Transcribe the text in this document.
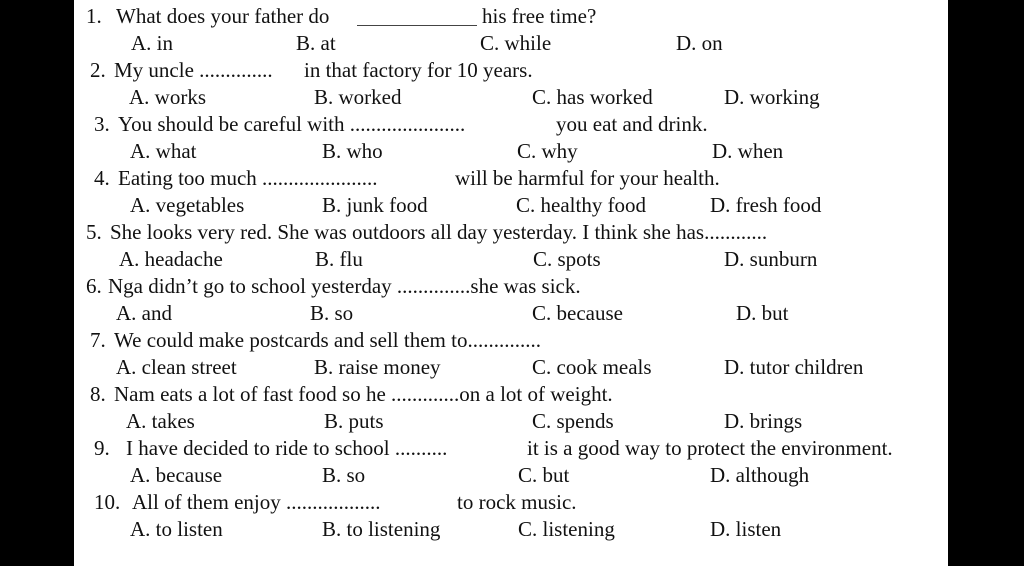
1. What does your father do	his free time?
A. in	B. at	C. while	D. on
2. My uncle .............. in that factory for 10 years.
A. works	B. worked	C. has worked	D. working
3. You should be careful with ......................	you eat and drink.
A. what	B. who	C. why	D. when
4. Eating too much ......................	will be harmful for your health.
A. vegetables	B. junk food	C. healthy food	D. fresh food
5. She looks very red. She was outdoors all day yesterday. I think she has............
A. headache	B. flu	C. spots	D. sunburn
6. Nga didn’t go to school yesterday ..............she was sick.
A. and	B. so	C. because	D. but
7. We could make postcards and sell them to..............
A. clean street	B. raise money	C. cook meals	D. tutor children
8. Nam eats a lot of fast food so he .............on a lot of weight.
A. takes	B. puts	C. spends	D. brings
9. I have decided to ride to school ..........	it is a good way to protect the environment.
A. because	B. so	C. but	D. although
10. All of them enjoy ..................	to rock music.
A. to listen	B. to listening	C. listening	D. listen
